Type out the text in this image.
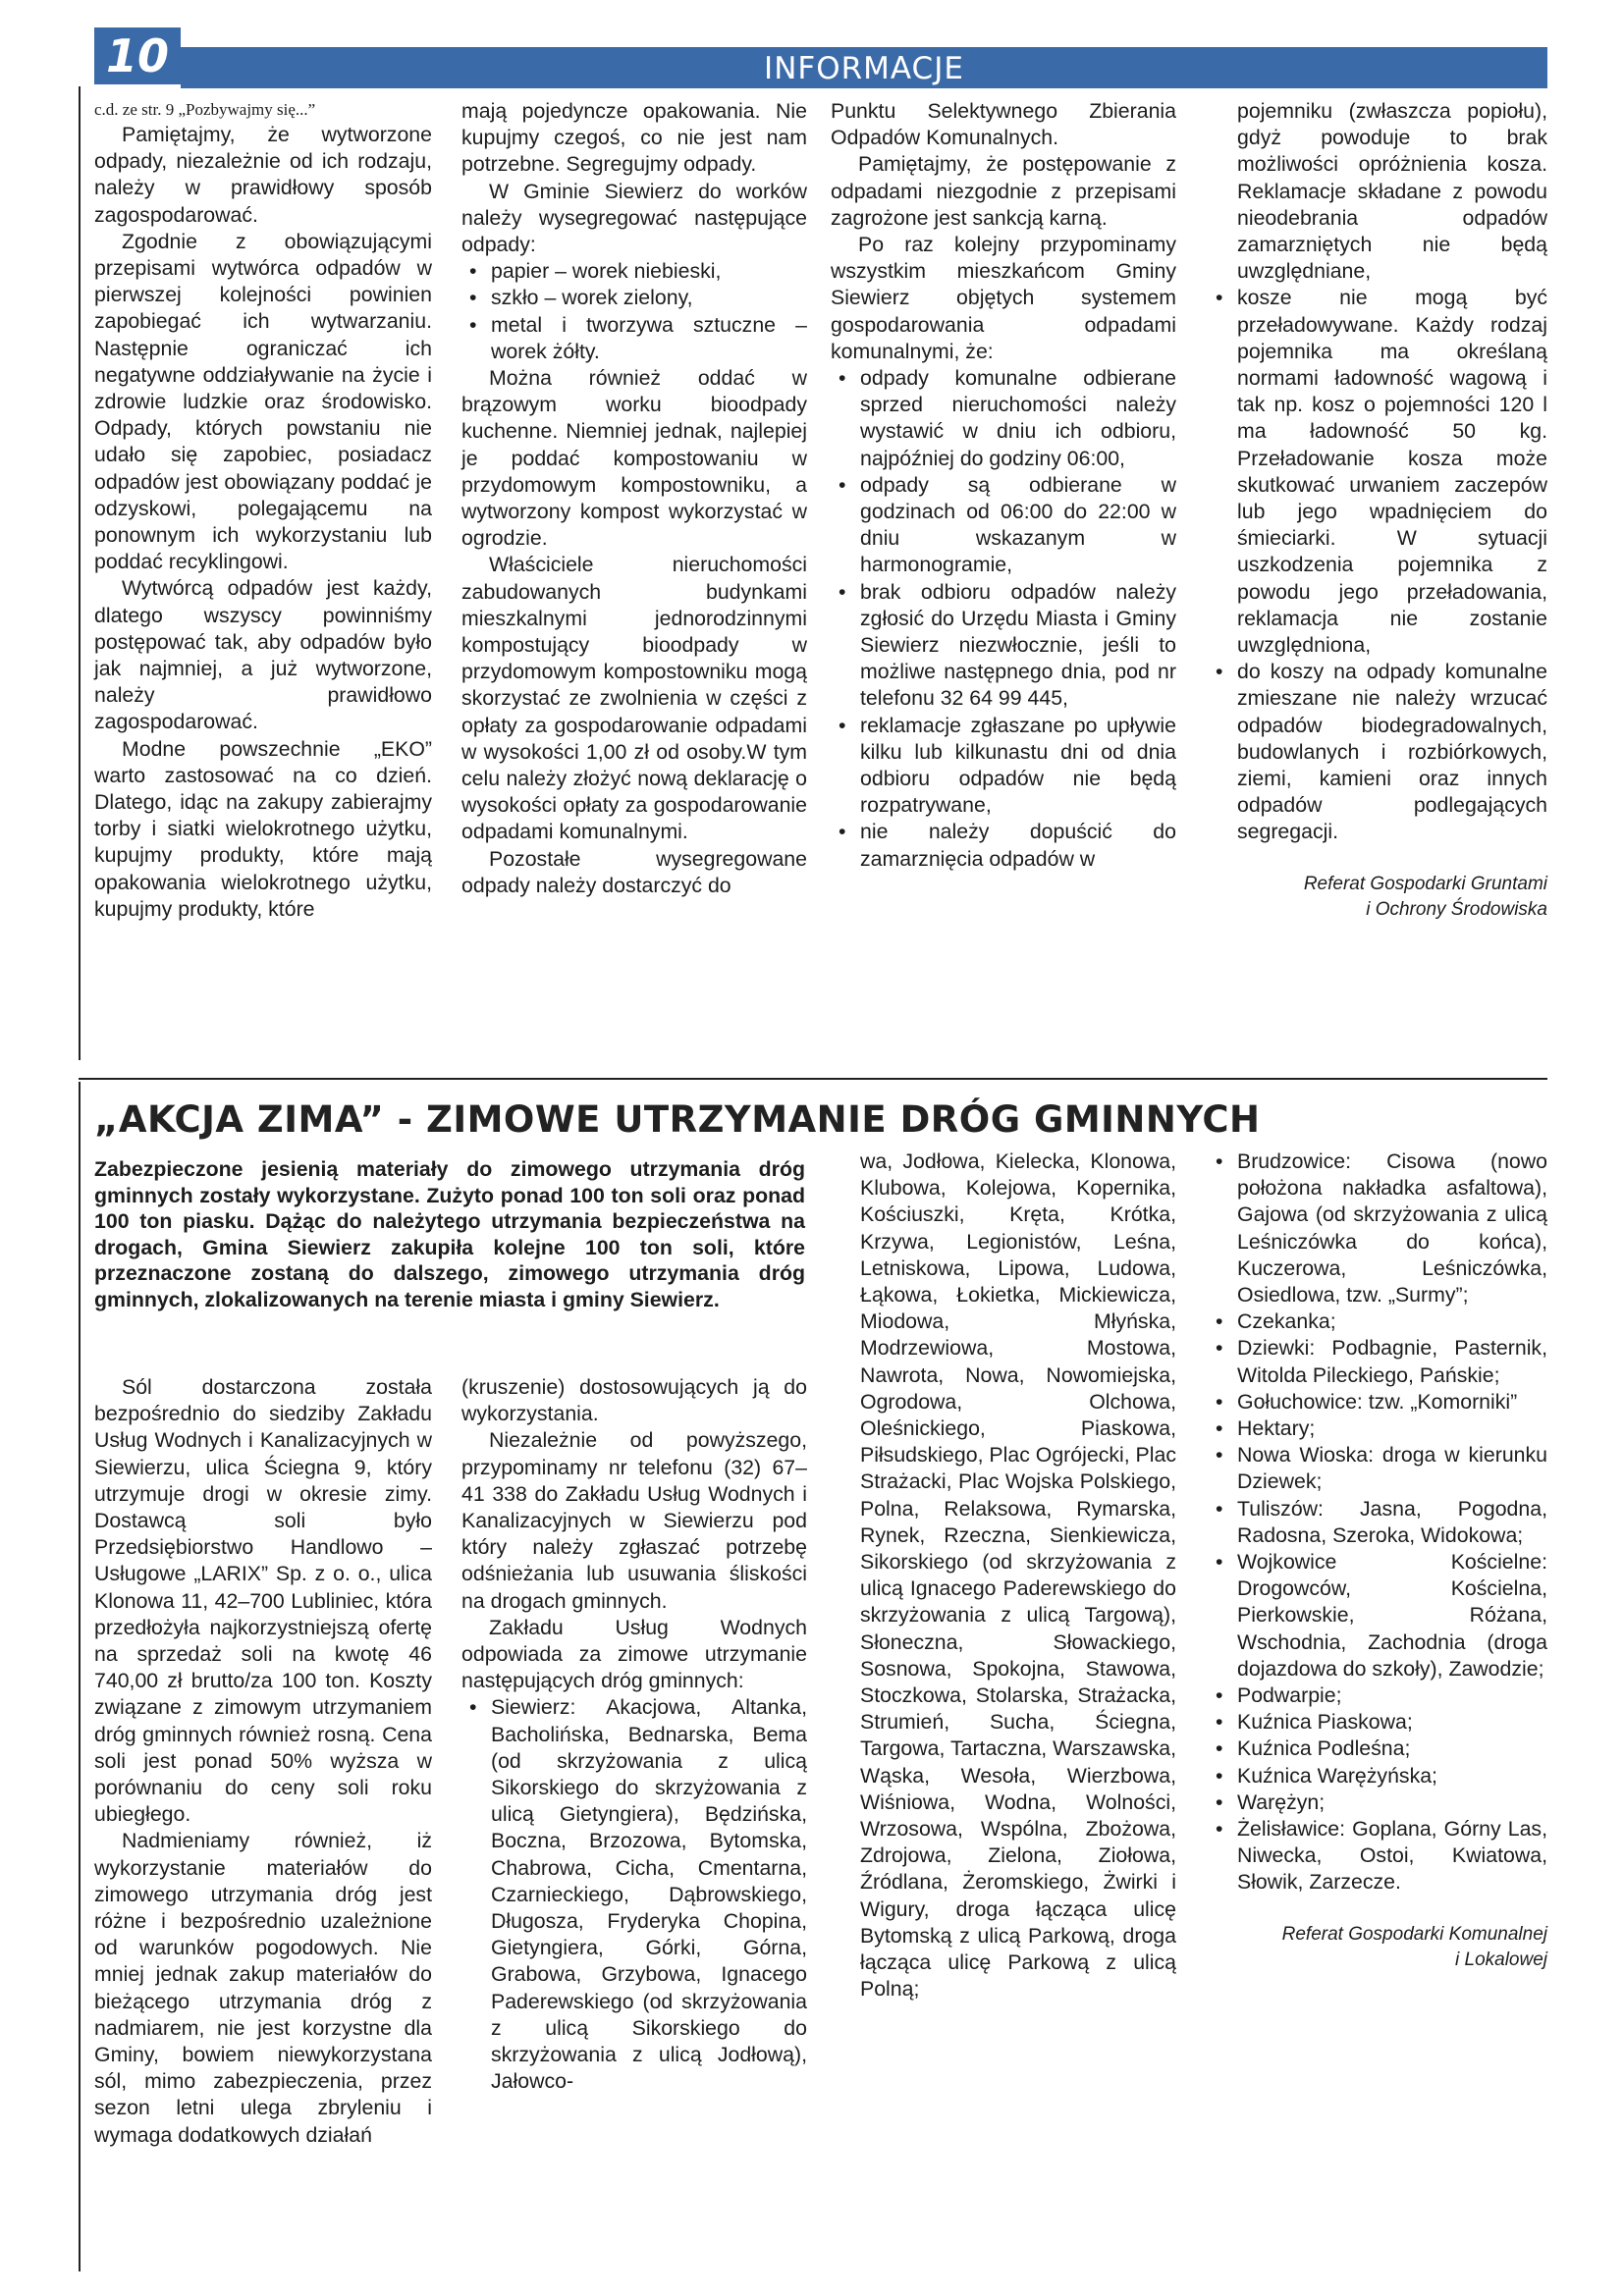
10	INFORMACJE

c.d. ze str. 9 „Pozbywajmy się...”

Pamiętajmy, że wytworzone odpady, niezależnie od ich rodzaju, należy w prawidłowy sposób zagospodarować.

Zgodnie z obowiązującymi przepisami wytwórca odpadów w pierwszej kolejności powinien zapobiegać ich wytwarzaniu. Następnie ograniczać ich negatywne oddziaływanie na życie i zdrowie ludzkie oraz środowisko. Odpady, których powstaniu nie udało się zapobiec, posiadacz odpadów jest obowiązany poddać je odzyskowi, polegającemu na ponownym ich wykorzystaniu lub poddać recyklingowi.

Wytwórcą odpadów jest każdy, dlatego wszyscy powinniśmy postępować tak, aby odpadów było jak najmniej, a już wytworzone, należy prawidłowo zagospodarować.

Modne powszechnie „EKO” warto zastosować na co dzień. Dlatego, idąc na zakupy zabierajmy torby i siatki wielokrotnego użytku, kupujmy produkty, które mają opakowania wielokrotnego użytku, kupujmy produkty, które

mają pojedyncze opakowania. Nie kupujmy czegoś, co nie jest nam potrzebne. Segregujmy odpady.

W Gminie Siewierz do worków należy wysegregować następujące odpady:

• papier – worek niebieski,
• szkło – worek zielony,
• metal i tworzywa sztuczne – worek żółty.

Można również oddać w brązowym worku bioodpady kuchenne. Niemniej jednak, najlepiej je poddać kompostowaniu w przydomowym kompostowniku, a wytworzony kompost wykorzystać w ogrodzie.

Właściciele nieruchomości zabudowanych budynkami mieszkalnymi jednorodzinnymi kompostujący bioodpady w przydomowym kompostowniku mogą skorzystać ze zwolnienia w części z opłaty za gospodarowanie odpadami w wysokości 1,00 zł od osoby.W tym celu należy złożyć nową deklarację o wysokości opłaty za gospodarowanie odpadami komunalnymi.

Pozostałe wysegregowane odpady należy dostarczyć do

Punktu Selektywnego Zbierania Odpadów Komunalnych.

Pamiętajmy, że postępowanie z odpadami niezgodnie z przepisami zagrożone jest sankcją karną.

Po raz kolejny przypominamy wszystkim mieszkańcom Gminy Siewierz objętych systemem gospodarowania odpadami komunalnymi, że:

• odpady komunalne odbierane sprzed nieruchomości należy wystawić w dniu ich odbioru, najpóźniej do godziny 06:00,
• odpady są odbierane w godzinach od 06:00 do 22:00 w dniu wskazanym w harmonogramie,
• brak odbioru odpadów należy zgłosić do Urzędu Miasta i Gminy Siewierz niezwłocznie, jeśli to możliwe następnego dnia, pod nr telefonu 32 64 99 445,
• reklamacje zgłaszane po upływie kilku lub kilkunastu dni od dnia odbioru odpadów nie będą rozpatrywane,
• nie należy dopuścić do zamarznięcia odpadów w

pojemniku (zwłaszcza popiołu), gdyż powoduje to brak możliwości opróżnienia kosza. Reklamacje składane z powodu nieodebrania odpadów zamarzniętych nie będą uwzględniane,

• kosze nie mogą być przeładowywane. Każdy rodzaj pojemnika ma określaną normami ładowność wagową i tak np. kosz o pojemności 120 l ma ładowność 50 kg. Przeładowanie kosza może skutkować urwaniem zaczepów lub jego wpadnięciem do śmieciarki. W sytuacji uszkodzenia pojemnika z powodu jego przeładowania, reklamacja nie zostanie uwzględniona,
• do koszy na odpady komunalne zmieszane nie należy wrzucać odpadów biodegradowalnych, budowlanych i rozbiórkowych, ziemi, kamieni oraz innych odpadów podlegających segregacji.

Referat Gospodarki Gruntami
i Ochrony Środowiska

„AKCJA ZIMA” - ZIMOWE UTRZYMANIE DRÓG GMINNYCH
Zabezpieczone jesienią materiały do zimowego utrzymania dróg gminnych zostały wykorzystane. Zużyto ponad 100 ton soli oraz ponad 100 ton piasku. Dążąc do należytego utrzymania bezpieczeństwa na drogach, Gmina Siewierz zakupiła kolejne 100 ton soli, które przeznaczone zostaną do dalszego, zimowego utrzymania dróg gminnych, zlokalizowanych na terenie miasta i gminy Siewierz.

Sól dostarczona została bezpośrednio do siedziby Zakładu Usług Wodnych i Kanalizacyjnych w Siewierzu, ulica Ściegna 9, który utrzymuje drogi w okresie zimy. Dostawcą soli było Przedsiębiorstwo Handlowo – Usługowe „LARIX” Sp. z o. o., ulica Klonowa 11, 42–700 Lubliniec, która przedłożyła najkorzystniejszą ofertę na sprzedaż soli na kwotę 46 740,00 zł brutto/za 100 ton. Koszty związane z zimowym utrzymaniem dróg gminnych również rosną. Cena soli jest ponad 50% wyższa w porównaniu do ceny soli roku ubiegłego.

Nadmieniamy również, iż wykorzystanie materiałów do zimowego utrzymania dróg jest różne i bezpośrednio uzależnione od warunków pogodowych. Nie mniej jednak zakup materiałów do bieżącego utrzymania dróg z nadmiarem, nie jest korzystne dla Gminy, bowiem niewykorzystana sól, mimo zabezpieczenia, przez sezon letni ulega zbryleniu i wymaga dodatkowych działań

(kruszenie) dostosowujących ją do wykorzystania.

Niezależnie od powyższego, przypominamy nr telefonu (32) 67–41 338 do Zakładu Usług Wodnych i Kanalizacyjnych w Siewierzu pod który należy zgłaszać potrzebę odśnieżania lub usuwania śliskości na drogach gminnych.

Zakładu Usług Wodnych odpowiada za zimowe utrzymanie następujących dróg gminnych:

• Siewierz: Akacjowa, Altanka, Bacholińska, Bednarska, Bema (od skrzyżowania z ulicą Sikorskiego do skrzyżowania z ulicą Gietyngiera), Będzińska, Boczna, Brzozowa, Bytomska, Chabrowa, Cicha, Cmentarna, Czarnieckiego, Dąbrowskiego, Długosza, Fryderyka Chopina, Gietyngiera, Górki, Górna, Grabowa, Grzybowa, Ignacego Paderewskiego (od skrzyżowania z ulicą Sikorskiego do skrzyżowania z ulicą Jodłową), Jałowco-

wa, Jodłowa, Kielecka, Klonowa, Klubowa, Kolejowa, Kopernika, Kościuszki, Kręta, Krótka, Krzywa, Legionistów, Leśna, Letniskowa, Lipowa, Ludowa, Łąkowa, Łokietka, Mickiewicza, Miodowa, Młyńska, Modrzewiowa, Mostowa, Nawrota, Nowa, Nowomiejska, Ogrodowa, Olchowa, Oleśnickiego, Piaskowa, Piłsudskiego, Plac Ogrójecki, Plac Strażacki, Plac Wojska Polskiego, Polna, Relaksowa, Rymarska, Rynek, Rzeczna, Sienkiewicza, Sikorskiego (od skrzyżowania z ulicą Ignacego Paderewskiego do skrzyżowania z ulicą Targową), Słoneczna, Słowackiego, Sosnowa, Spokojna, Stawowa, Stoczkowa, Stolarska, Strażacka, Strumień, Sucha, Ściegna, Targowa, Tartaczna, Warszawska, Wąska, Wesoła, Wierzbowa, Wiśniowa, Wodna, Wolności, Wrzosowa, Wspólna, Zbożowa, Zdrojowa, Zielona, Ziołowa, Źródlana, Żeromskiego, Żwirki i Wigury, droga łącząca ulicę Bytomską z ulicą Parkową, droga łącząca ulicę Parkową z ulicą Polną;

• Brudzowice: Cisowa (nowo położona nakładka asfaltowa), Gajowa (od skrzyżowania z ulicą Leśniczówka do końca), Kuczerowa, Leśniczówka, Osiedlowa, tzw. „Surmy”;
• Czekanka;
• Dziewki: Podbagnie, Pasternik, Witolda Pileckiego, Pańskie;
• Gołuchowice: tzw. „Komorniki”
• Hektary;
• Nowa Wioska: droga w kierunku Dziewek;
• Tuliszów: Jasna, Pogodna, Radosna, Szeroka, Widokowa;
• Wojkowice Kościelne: Drogowców, Kościelna, Pierkowskie, Różana, Wschodnia, Zachodnia (droga dojazdowa do szkoły), Zawodzie;
• Podwarpie;
• Kuźnica Piaskowa;
• Kuźnica Podleśna;
• Kuźnica Warężyńska;
• Warężyn;
• Żelisławice: Goplana, Górny Las, Niwecka, Ostoi, Kwiatowa, Słowik, Zarzecze.

Referat Gospodarki Komunalnej
i Lokalowej
